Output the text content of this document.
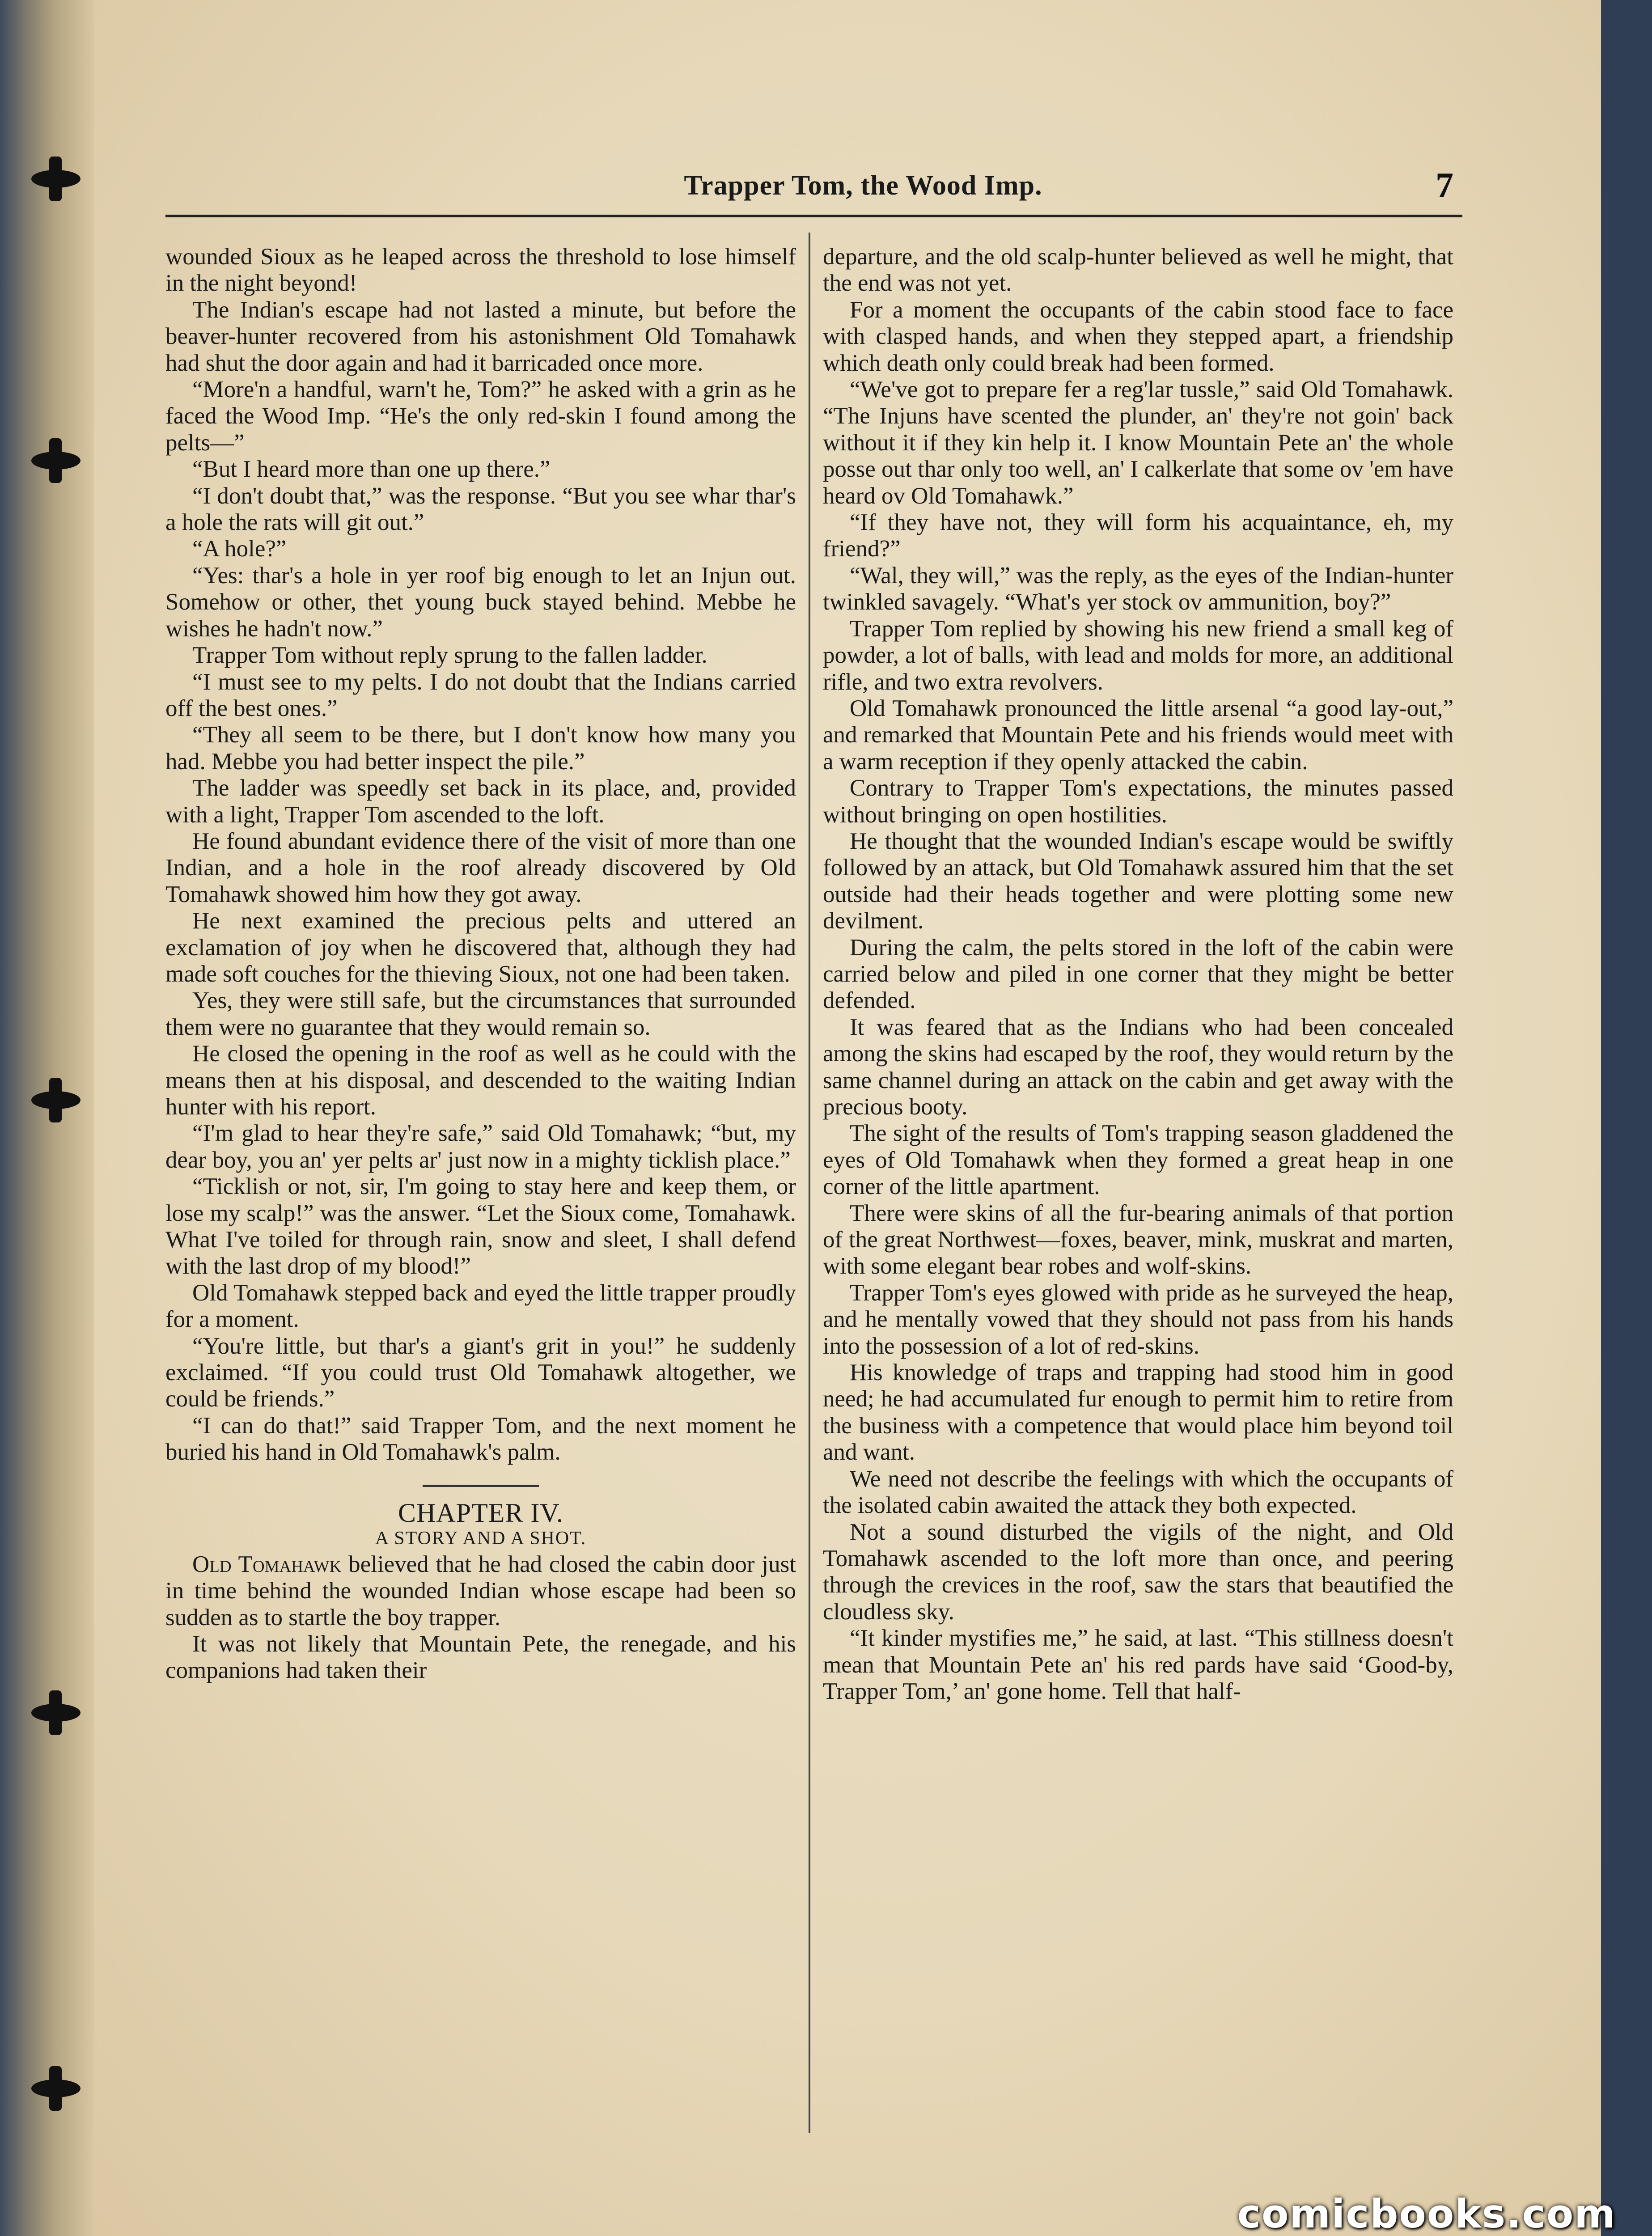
Trapper Tom, the Wood Imp.	7

wounded Sioux as he leaped across the threshold to lose himself in the night beyond!

The Indian's escape had not lasted a minute, but before the beaver-hunter recovered from his astonishment Old Tomahawk had shut the door again and had it barricaded once more.

“More'n a handful, warn't he, Tom?” he asked with a grin as he faced the Wood Imp. “He's the only red-skin I found among the pelts—”

“But I heard more than one up there.”

“I don't doubt that,” was the response. “But you see whar thar's a hole the rats will git out.”

“A hole?”

“Yes: thar's a hole in yer roof big enough to let an Injun out. Somehow or other, thet young buck stayed behind. Mebbe he wishes he hadn't now.”

Trapper Tom without reply sprung to the fallen ladder.

“I must see to my pelts. I do not doubt that the Indians carried off the best ones.”

“They all seem to be there, but I don't know how many you had. Mebbe you had better inspect the pile.”

The ladder was speedly set back in its place, and, provided with a light, Trapper Tom ascended to the loft.

He found abundant evidence there of the visit of more than one Indian, and a hole in the roof already discovered by Old Tomahawk showed him how they got away.

He next examined the precious pelts and uttered an exclamation of joy when he discovered that, although they had made soft couches for the thieving Sioux, not one had been taken.

Yes, they were still safe, but the circumstances that surrounded them were no guarantee that they would remain so.

He closed the opening in the roof as well as he could with the means then at his disposal, and descended to the waiting Indian hunter with his report.

“I'm glad to hear they're safe,” said Old Tomahawk; “but, my dear boy, you an' yer pelts ar' just now in a mighty ticklish place.”

“Ticklish or not, sir, I'm going to stay here and keep them, or lose my scalp!” was the answer. “Let the Sioux come, Tomahawk. What I've toiled for through rain, snow and sleet, I shall defend with the last drop of my blood!”

Old Tomahawk stepped back and eyed the little trapper proudly for a moment.

“You're little, but thar's a giant's grit in you!” he suddenly exclaimed. “If you could trust Old Tomahawk altogether, we could be friends.”

“I can do that!” said Trapper Tom, and the next moment he buried his hand in Old Tomahawk's palm.

CHAPTER IV.

A STORY AND A SHOT.

Old Tomahawk believed that he had closed the cabin door just in time behind the wounded Indian whose escape had been so sudden as to startle the boy trapper.

It was not likely that Mountain Pete, the renegade, and his companions had taken their

departure, and the old scalp-hunter believed as well he might, that the end was not yet.

For a moment the occupants of the cabin stood face to face with clasped hands, and when they stepped apart, a friendship which death only could break had been formed.

“We've got to prepare fer a reg'lar tussle,” said Old Tomahawk. “The Injuns have scented the plunder, an' they're not goin' back without it if they kin help it. I know Mountain Pete an' the whole posse out thar only too well, an' I calkerlate that some ov 'em have heard ov Old Tomahawk.”

“If they have not, they will form his acquaintance, eh, my friend?”

“Wal, they will,” was the reply, as the eyes of the Indian-hunter twinkled savagely. “What's yer stock ov ammunition, boy?”

Trapper Tom replied by showing his new friend a small keg of powder, a lot of balls, with lead and molds for more, an additional rifle, and two extra revolvers.

Old Tomahawk pronounced the little arsenal “a good lay-out,” and remarked that Mountain Pete and his friends would meet with a warm reception if they openly attacked the cabin.

Contrary to Trapper Tom's expectations, the minutes passed without bringing on open hostilities.

He thought that the wounded Indian's escape would be swiftly followed by an attack, but Old Tomahawk assured him that the set outside had their heads together and were plotting some new devilment.

During the calm, the pelts stored in the loft of the cabin were carried below and piled in one corner that they might be better defended.

It was feared that as the Indians who had been concealed among the skins had escaped by the roof, they would return by the same channel during an attack on the cabin and get away with the precious booty.

The sight of the results of Tom's trapping season gladdened the eyes of Old Tomahawk when they formed a great heap in one corner of the little apartment.

There were skins of all the fur-bearing animals of that portion of the great Northwest—foxes, beaver, mink, muskrat and marten, with some elegant bear robes and wolf-skins.

Trapper Tom's eyes glowed with pride as he surveyed the heap, and he mentally vowed that they should not pass from his hands into the possession of a lot of red-skins.

His knowledge of traps and trapping had stood him in good need; he had accumulated fur enough to permit him to retire from the business with a competence that would place him beyond toil and want.

We need not describe the feelings with which the occupants of the isolated cabin awaited the attack they both expected.

Not a sound disturbed the vigils of the night, and Old Tomahawk ascended to the loft more than once, and peering through the crevices in the roof, saw the stars that beautified the cloudless sky.

“It kinder mystifies me,” he said, at last. “This stillness doesn't mean that Mountain Pete an' his red pards have said ‘Good-by, Trapper Tom,’ an' gone home. Tell that half-

comicbooks.com
